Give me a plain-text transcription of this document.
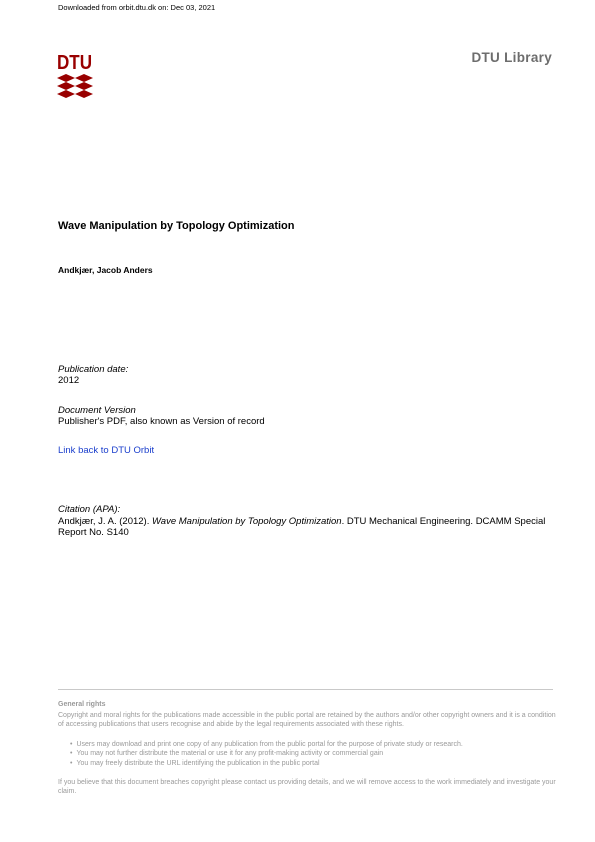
Downloaded from orbit.dtu.dk on: Dec 03, 2021
DTU	DTU Library
Wave Manipulation by Topology Optimization
Andkjær, Jacob Anders
Publication date:
2012
Document Version
Publisher's PDF, also known as Version of record
Link back to DTU Orbit
Citation (APA):
Andkjær, J. A. (2012). Wave Manipulation by Topology Optimization. DTU Mechanical Engineering. DCAMM Special Report No. S140
General rights
Copyright and moral rights for the publications made accessible in the public portal are retained by the authors and/or other copyright owners and it is a condition of accessing publications that users recognise and abide by the legal requirements associated with these rights.
• Users may download and print one copy of any publication from the public portal for the purpose of private study or research.
• You may not further distribute the material or use it for any profit-making activity or commercial gain
• You may freely distribute the URL identifying the publication in the public portal
If you believe that this document breaches copyright please contact us providing details, and we will remove access to the work immediately and investigate your claim.
